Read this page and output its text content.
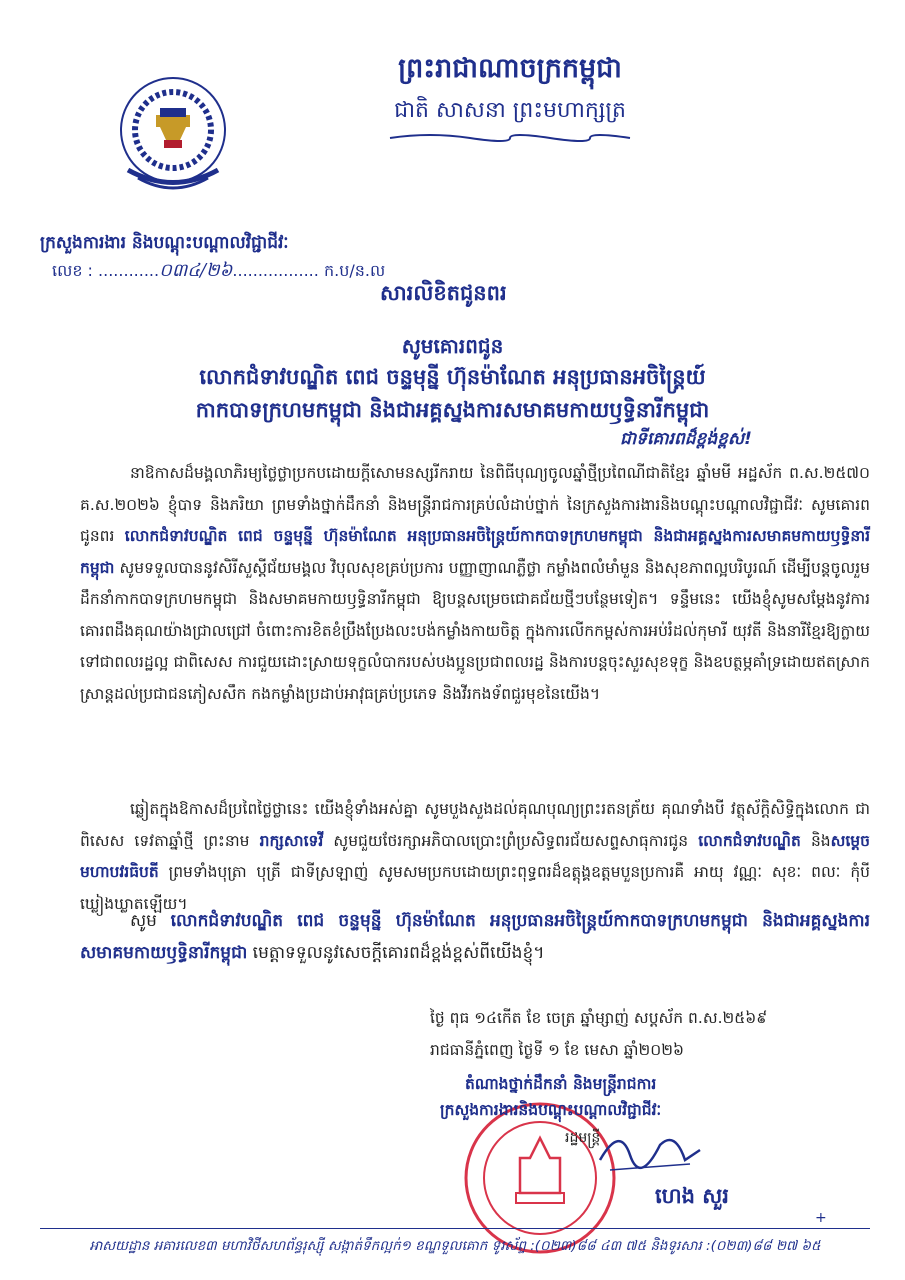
ព្រះរាជាណាចក្រកម្ពុជា
ជាតិ សាសនា ព្រះមហាក្សត្រ
ក្រសួងការងារ និងបណ្តុះបណ្តាលវិជ្ជាជីវៈ
លេខ : ............០៣៤/២៦................. ក.ប/ន.ល
សារលិខិតជូនពរ
សូមគោរពជូន
លោកជំទាវបណ្ឌិត ពេជ ចន្ទមុន្នី ហ៊ុនម៉ាណែត អនុប្រធានអចិន្ត្រៃយ៍
កាកបាទក្រហមកម្ពុជា និងជាអគ្គស្នងការសមាគមកាយឫទ្ធិនារីកម្ពុជា
ជាទីគោរពដ៏ខ្ពង់ខ្ពស់!
នាឱកាសដ៏មង្គលាភិរម្យថ្លៃថ្លាប្រកបដោយក្តីសោមនស្សរីករាយ នៃពិធីបុណ្យចូលឆ្នាំថ្មីប្រពៃណីជាតិខ្មែរ ឆ្នាំមមី អដ្ឋស័ក ព.ស.២៥៧០ គ.ស.២០២៦ ខ្ញុំបាទ និងភរិយា ព្រមទាំងថ្នាក់ដឹកនាំ និងមន្ត្រីរាជការគ្រប់លំដាប់ថ្នាក់ នៃក្រសួងការងារនិងបណ្តុះបណ្តាលវិជ្ជាជីវៈ សូមគោរពជូនពរ លោកជំទាវបណ្ឌិត ពេជ ចន្ទមុន្នី ហ៊ុនម៉ាណែត អនុប្រធានអចិន្ត្រៃយ៍កាកបាទក្រហមកម្ពុជា និងជាអគ្គស្នងការសមាគមកាយឫទ្ធិនារីកម្ពុជា សូមទទួលបាននូវសិរីសួស្តីជ័យមង្គល វិបុលសុខគ្រប់ប្រការ បញ្ញាញាណភ្លឺថ្លា កម្លាំងពលំមាំមួន និងសុខភាពល្អបរិបូរណ៍ ដើម្បីបន្តចូលរួមដឹកនាំកាកបាទក្រហមកម្ពុជា និងសមាគមកាយឫទ្ធិនារីកម្ពុជា ឱ្យបន្តសម្រេចជោគជ័យថ្មីៗបន្ថែមទៀត។ ទន្ទឹមនេះ យើងខ្ញុំសូមសម្តែងនូវការគោរពដឹងគុណយ៉ាងជ្រាលជ្រៅ ចំពោះការខិតខំប្រឹងប្រែងលះបង់កម្លាំងកាយចិត្ត ក្នុងការលើកកម្ពស់ការអប់រំដល់កុមារី យុវតី និងនារីខ្មែរឱ្យក្លាយទៅជាពលរដ្ឋល្អ ជាពិសេស ការជួយដោះស្រាយទុក្ខលំបាករបស់បងប្អូនប្រជាពលរដ្ឋ និងការបន្តចុះសួរសុខទុក្ខ និងឧបត្ថម្ភគាំទ្រដោយឥតស្រាកស្រាន្តដល់ប្រជាជនភៀសសឹក កងកម្លាំងប្រដាប់អាវុធគ្រប់ប្រភេទ និងវីរកងទ័ពជួរមុខនៃយើង។
ឆ្លៀតក្នុងឱកាសដ៏ប្រពៃថ្លៃថ្លានេះ យើងខ្ញុំទាំងអស់គ្នា សូមបួងសួងដល់គុណបុណ្យព្រះរតនត្រ័យ គុណទាំងបី វត្ថុស័ក្តិសិទ្ធិក្នុងលោក ជាពិសេស ទេវតាឆ្នាំថ្មី ព្រះនាម រាក្សសាទេវី សូមជួយថែរក្សាអភិបាលប្រោះព្រំប្រសិទ្ធពរជ័យសព្ទសាធុការជូន លោកជំទាវបណ្ឌិត និងសម្តេចមហាបវរធិបតី ព្រមទាំងបុត្រា បុត្រី ជាទីស្រឡាញ់ សូមសមប្រកបដោយព្រះពុទ្ធពរដ៏ឧត្តុង្គឧត្តមបួនប្រការគឺ អាយុ វណ្ណៈ សុខៈ ពលៈ កុំបីឃ្លៀងឃ្លាតឡើយ។
សូម លោកជំទាវបណ្ឌិត ពេជ ចន្ទមុន្នី ហ៊ុនម៉ាណែត អនុប្រធានអចិន្ត្រៃយ៍កាកបាទក្រហមកម្ពុជា និងជាអគ្គស្នងការសមាគមកាយឫទ្ធិនារីកម្ពុជា មេត្តាទទួលនូវសេចក្តីគោរពដ៏ខ្ពង់ខ្ពស់ពីយើងខ្ញុំ។
ថ្ងៃ ពុធ ១៤កើត ខែ ចេត្រ ឆ្នាំម្សាញ់ សប្តស័ក ព.ស.២៥៦៩
រាជធានីភ្នំពេញ ថ្ងៃទី ១ ខែ មេសា ឆ្នាំ២០២៦
តំណាងថ្នាក់ដឹកនាំ និងមន្ត្រីរាជការ
ក្រសួងការងារនិងបណ្តុះបណ្តាលវិជ្ជាជីវៈ
រដ្ឋមន្ត្រី
ហេង សួរ
+
អាសយដ្ឋាន អគារលេខ៣ មហាវិថីសហព័ន្ធរុស្ស៊ី សង្កាត់ទឹកល្អក់១ ខណ្ឌទួលគោក ទូរស័ព្ទ :(០២៣)៨៨ ៤៣ ៧៥ និងទូរសារ :(០២៣)៨៨ ២៧ ៦៥
